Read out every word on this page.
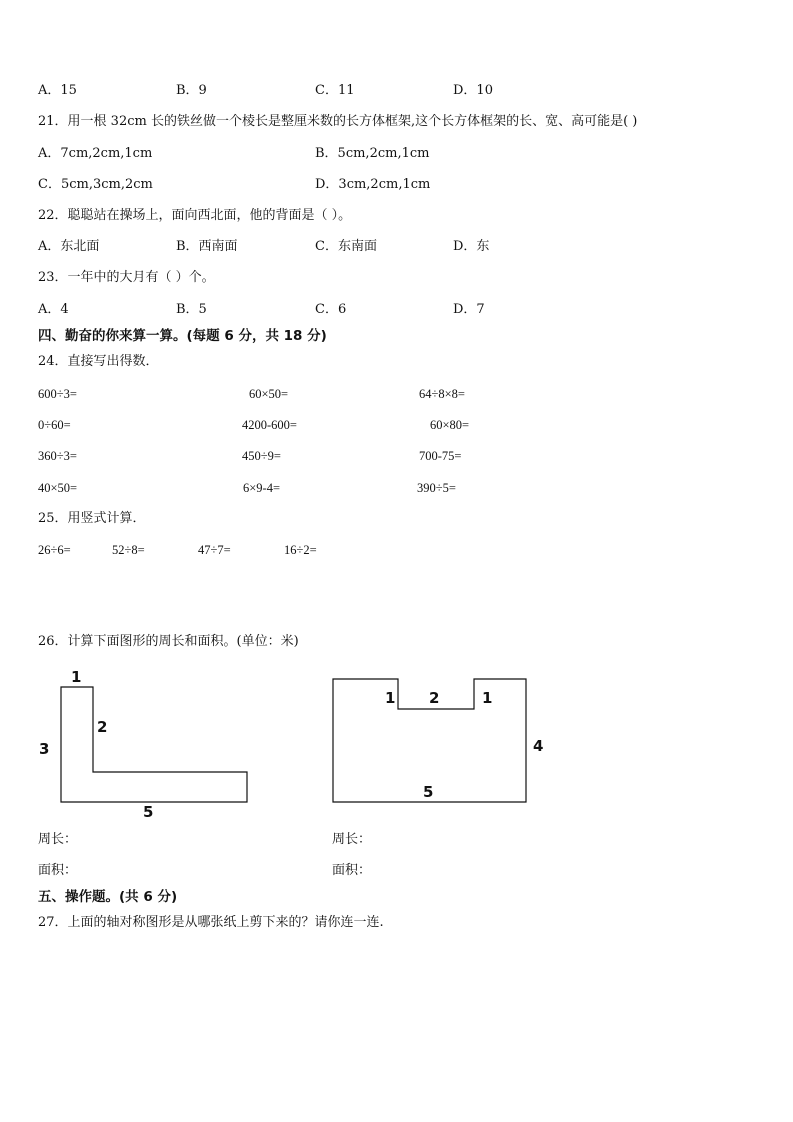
A．15	B．9	C．11	D．10
21．用一根 32cm 长的铁丝做一个棱长是整厘米数的长方体框架,这个长方体框架的长、宽、高可能是( )
A．7cm,2cm,1cm	B．5cm,2cm,1cm
C．5cm,3cm,2cm	D．3cm,2cm,1cm
22．聪聪站在操场上，面向西北面，他的背面是（ ）。
A．东北面	B．西南面	C．东南面	D．东
23．一年中的大月有（ ）个。
A．4	B．5	C．6	D．7
四、勤奋的你来算一算。(每题 6 分，共 18 分)
24．直接写出得数．
600÷3=	60×50=	64÷8×8=
0÷60=	4200-600=	60×80=
360÷3=	450÷9=	700-75=
40×50=	6×9-4=	390÷5=
25．用竖式计算．
26÷6=	52÷8=	47÷7=	16÷2=
26．计算下面图形的周长和面积。(单位：米)
1
2
3
5
1 2	1
4
5
周长：	周长：
面积：	面积：
五、操作题。(共 6 分)
27．上面的轴对称图形是从哪张纸上剪下来的？请你连一连.
